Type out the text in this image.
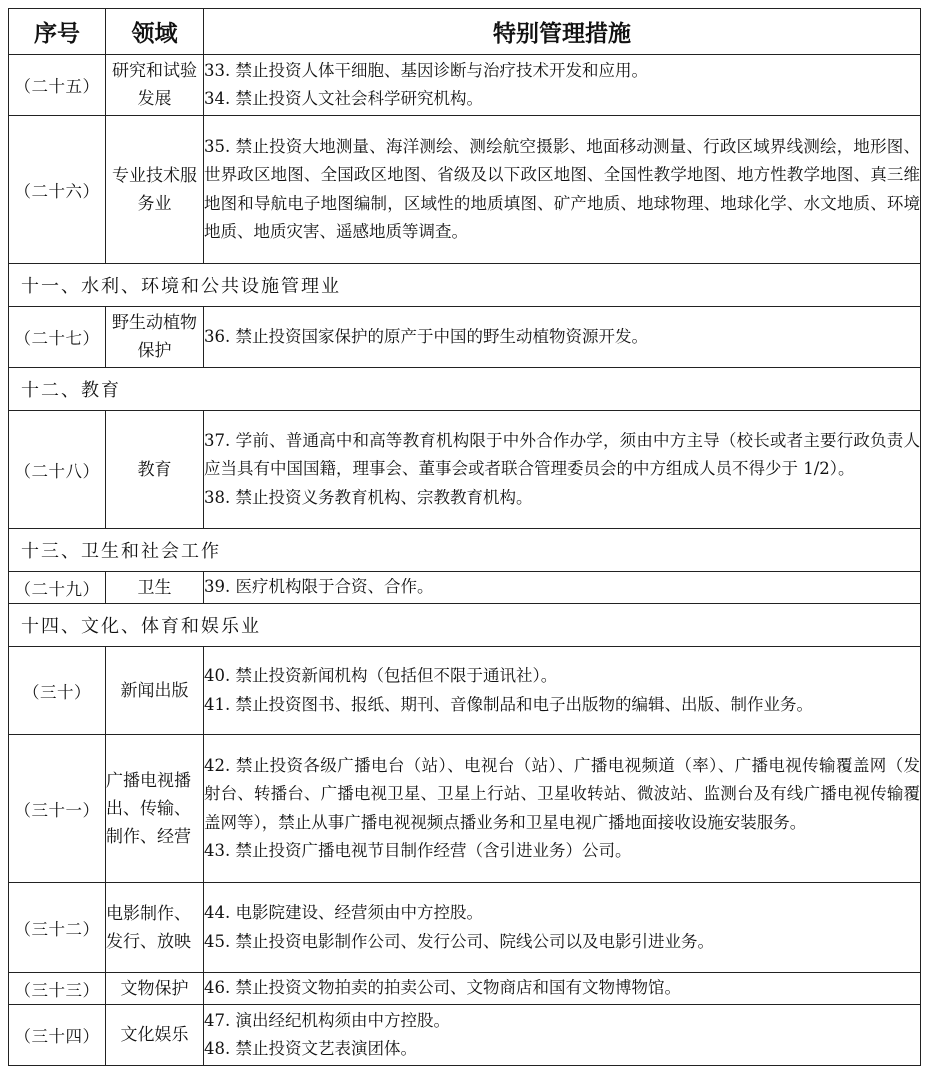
序号	领域	特别管理措施
（二十五）	研究和试验发展	33. 禁止投资人体干细胞、基因诊断与治疗技术开发和应用。
34. 禁止投资人文社会科学研究机构。

（二十六）	专业技术服务业	35. 禁止投资大地测量、海洋测绘、测绘航空摄影、地面移动测量、行政区域界线测绘，地形图、世界政区地图、全国政区地图、省级及以下政区地图、全国性教学地图、地方性教学地图、真三维地图和导航电子地图编制，区域性的地质填图、矿产地质、地球物理、地球化学、水文地质、环境地质、地质灾害、遥感地质等调查。

十一、水利、环境和公共设施管理业		
（二十七）	野生动植物保护	36. 禁止投资国家保护的原产于中国的野生动植物资源开发。

十二、教育		
（二十八）	教育	37. 学前、普通高中和高等教育机构限于中外合作办学，须由中方主导（校长或者主要行政负责人应当具有中国国籍，理事会、董事会或者联合管理委员会的中方组成人员不得少于 1/2）。
38. 禁止投资义务教育机构、宗教教育机构。

十三、卫生和社会工作		
（二十九）	卫生	39. 医疗机构限于合资、合作。

十四、文化、体育和娱乐业		
（三十）	新闻出版	40. 禁止投资新闻机构（包括但不限于通讯社）。
41. 禁止投资图书、报纸、期刊、音像制品和电子出版物的编辑、出版、制作业务。

（三十一）	广播电视播出、传输、制作、经营	42. 禁止投资各级广播电台（站）、电视台（站）、广播电视频道（率）、广播电视传输覆盖网（发射台、转播台、广播电视卫星、卫星上行站、卫星收转站、微波站、监测台及有线广播电视传输覆盖网等），禁止从事广播电视视频点播业务和卫星电视广播地面接收设施安装服务。
43. 禁止投资广播电视节目制作经营（含引进业务）公司。

（三十二）	电影制作、发行、放映	44. 电影院建设、经营须由中方控股。
45. 禁止投资电影制作公司、发行公司、院线公司以及电影引进业务。

（三十三）	文物保护	46. 禁止投资文物拍卖的拍卖公司、文物商店和国有文物博物馆。

（三十四）	文化娱乐	47. 演出经纪机构须由中方控股。
48. 禁止投资文艺表演团体。
